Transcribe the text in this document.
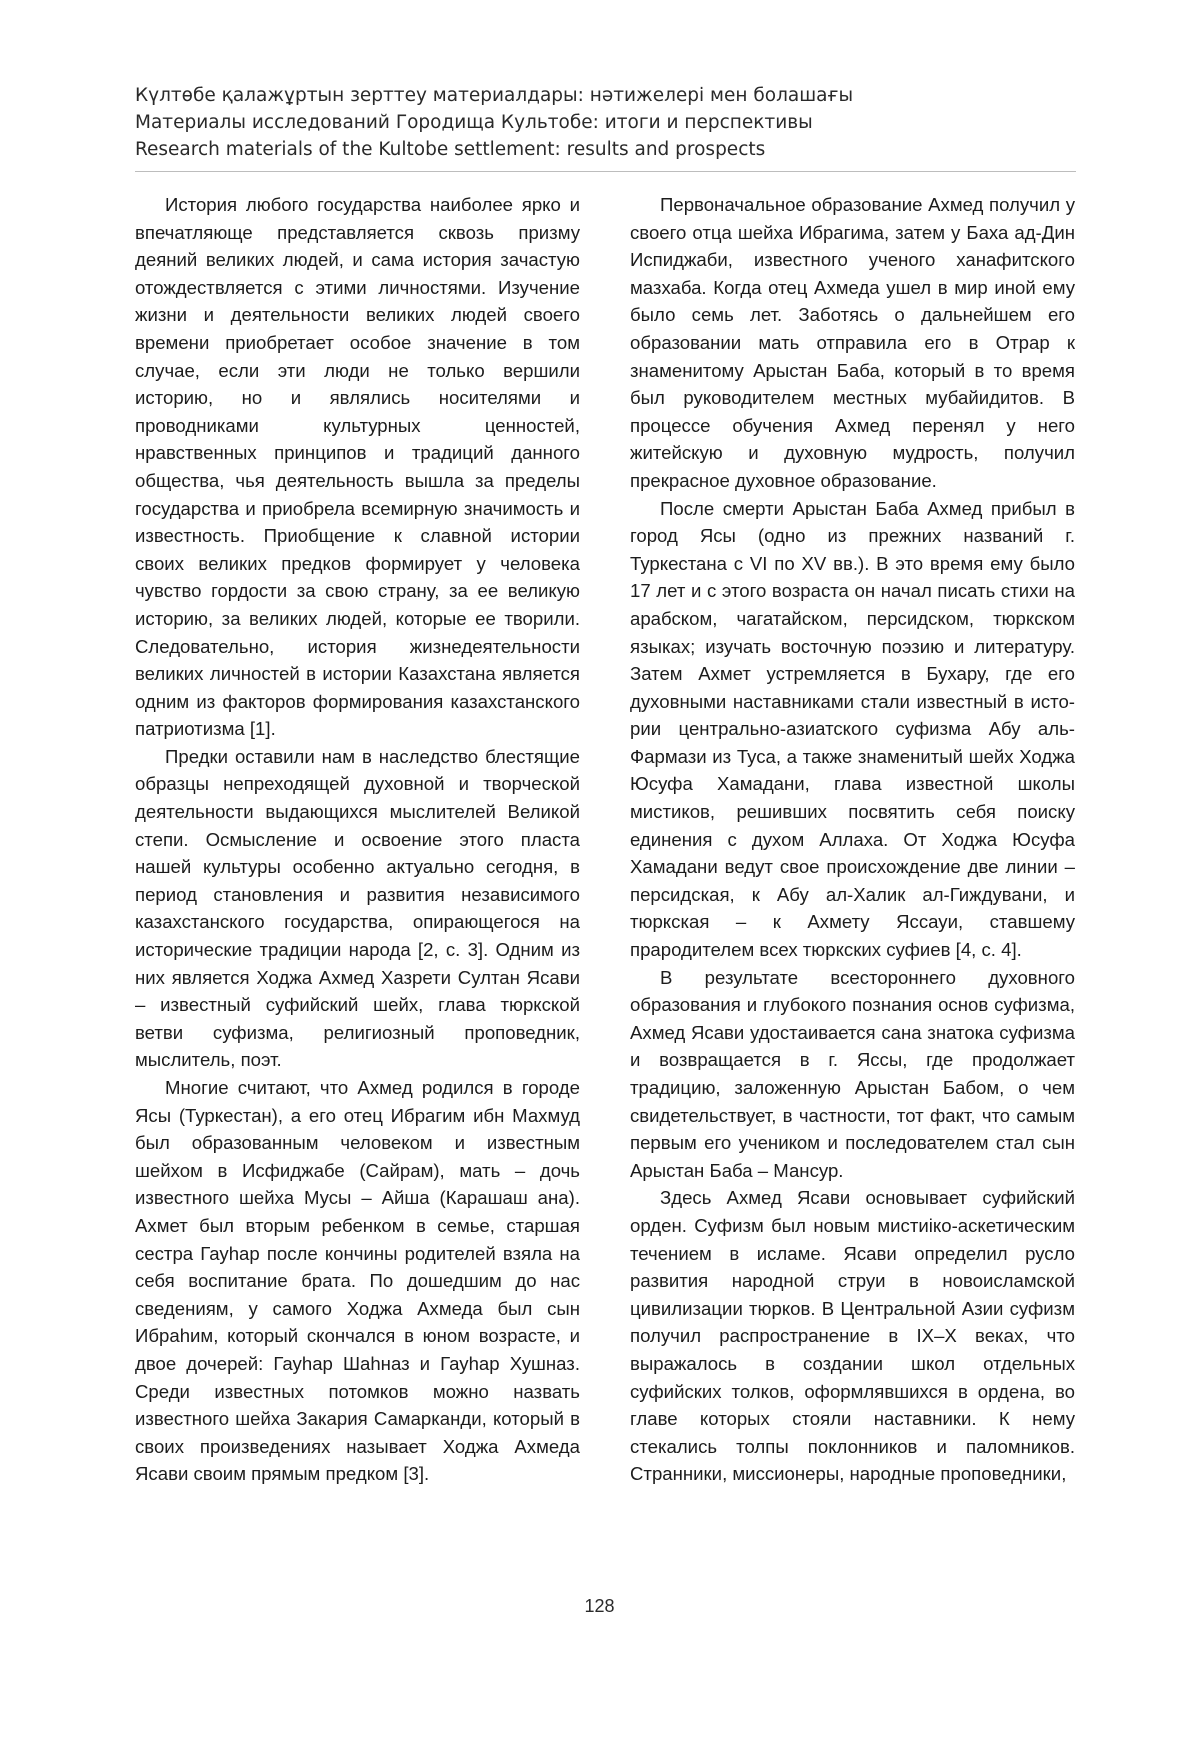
Күлтөбе қалажұртын зерттеу материалдары: нәтижелері мен болашағы
Материалы исследований Городища Культобе: итоги и перспективы
Research materials of the Kultobe settlement: results and prospects

История любого государства наиболее ярко и впечатляюще представляется сквозь призму деяний великих людей, и сама история зачастую отождествляется с этими личностями. Изучение жизни и деятельности великих людей своего времени приобретает особое значение в том случае, если эти люди не только вершили историю, но и являлись носителями и проводниками культурных ценностей, нравственных принципов и традиций данного общества, чья деятельность вышла за пределы государства и приобрела всемирную значимость и известность. Приобщение к славной истории своих великих предков формирует у человека чувство гордости за свою страну, за ее великую историю, за великих людей, которые ее творили. Следовательно, история жизнедеятельности великих личностей в истории Казахстана является одним из факторов формирования казахстанского патриотизма [1].

Предки оставили нам в наследство блестящие образцы непреходящей духовной и творческой деятельности выдающихся мыслителей Великой степи. Осмысление и освоение этого пласта нашей культуры особенно актуально сегодня, в период становления и развития независимого казахстанского государства, опирающегося на исторические традиции народа [2, с. 3]. Одним из них является Ходжа Ахмед Хазрети Султан Ясави – известный суфийский шейх, глава тюркской ветви суфизма, религиозный проповедник, мыслитель, поэт.

Многие считают, что Ахмед родился в городе Ясы (Туркестан), а его отец Ибрагим ибн Махмуд был образованным человеком и известным шейхом в Исфиджабе (Сайрам), мать – дочь известного шейха Мусы – Айша (Карашаш ана). Ахмет был вторым ребенком в семье, старшая сестра Гауhар после кончины родителей взяла на себя воспитание брата. По дошедшим до нас сведениям, у самого Ходжа Ахмеда был сын Ибраhим, который скончался в юном возрасте, и двое дочерей: Гауhар Шаhназ и Гауhар Хушназ. Среди известных потомков можно назвать известного шейха Закария Самарканди, который в своих произведениях называет Ходжа Ахмеда Ясави своим прямым предком [3].

Первоначальное образование Ахмед получил у своего отца шейха Ибрагима, затем у Баха ад-Дин Испиджаби, известного ученого ханафитского мазхаба. Когда отец Ахмеда ушел в мир иной ему было семь лет. Заботясь о дальнейшем его образовании мать отправила его в Отрар к знаменитому Арыстан Баба, который в то время был руководителем местных мубайидитов. В процессе обучения Ахмед перенял у него житейскую и духовную мудрость, получил прекрасное духовное образование.

После смерти Арыстан Баба Ахмед прибыл в город Ясы (одно из прежних названий г. Туркестана с VI по XV вв.). В это время ему было 17 лет и с этого возраста он начал писать стихи на арабском, чагатайском, персидском, тюркском языках; изучать восточную поэзию и литературу. Затем Ахмет устремляется в Бухару, где его духовными наставниками стали известный в истории центрально-азиатского суфизма Абу аль-Фармази из Туса, а также знаменитый шейх Ходжа Юсуфа Хамадани, глава известной школы мистиков, решивших посвятить себя поиску единения с духом Аллаха. От Ходжа Юсуфа Хамадани ведут свое происхождение две линии – персидская, к Абу ал-Халик ал-Гиждувани, и тюркская – к Ахмету Яссауи, ставшему прародителем всех тюркских суфиев [4, с. 4].

В результате всестороннего духовного образования и глубокого познания основ суфизма, Ахмед Ясави удостаивается сана знатока суфизма и возвращается в г. Яссы, где продолжает традицию, заложенную Арыстан Бабом, о чем свидетельствует, в частности, тот факт, что самым первым его учеником и последователем стал сын Арыстан Баба – Мансур.

Здесь Ахмед Ясави основывает суфийский орден. Суфизм был новым мистиiко-аскетическим течением в исламе. Ясави определил русло развития народной струи в новоисламской цивилизации тюрков. В Центральной Азии суфизм получил распространение в IX–X веках, что выражалось в создании школ отдельных суфийских толков, оформлявшихся в ордена, во главе которых стояли наставники. К нему стекались толпы поклонников и паломников. Странники, миссионеры, народные проповедники,

128
